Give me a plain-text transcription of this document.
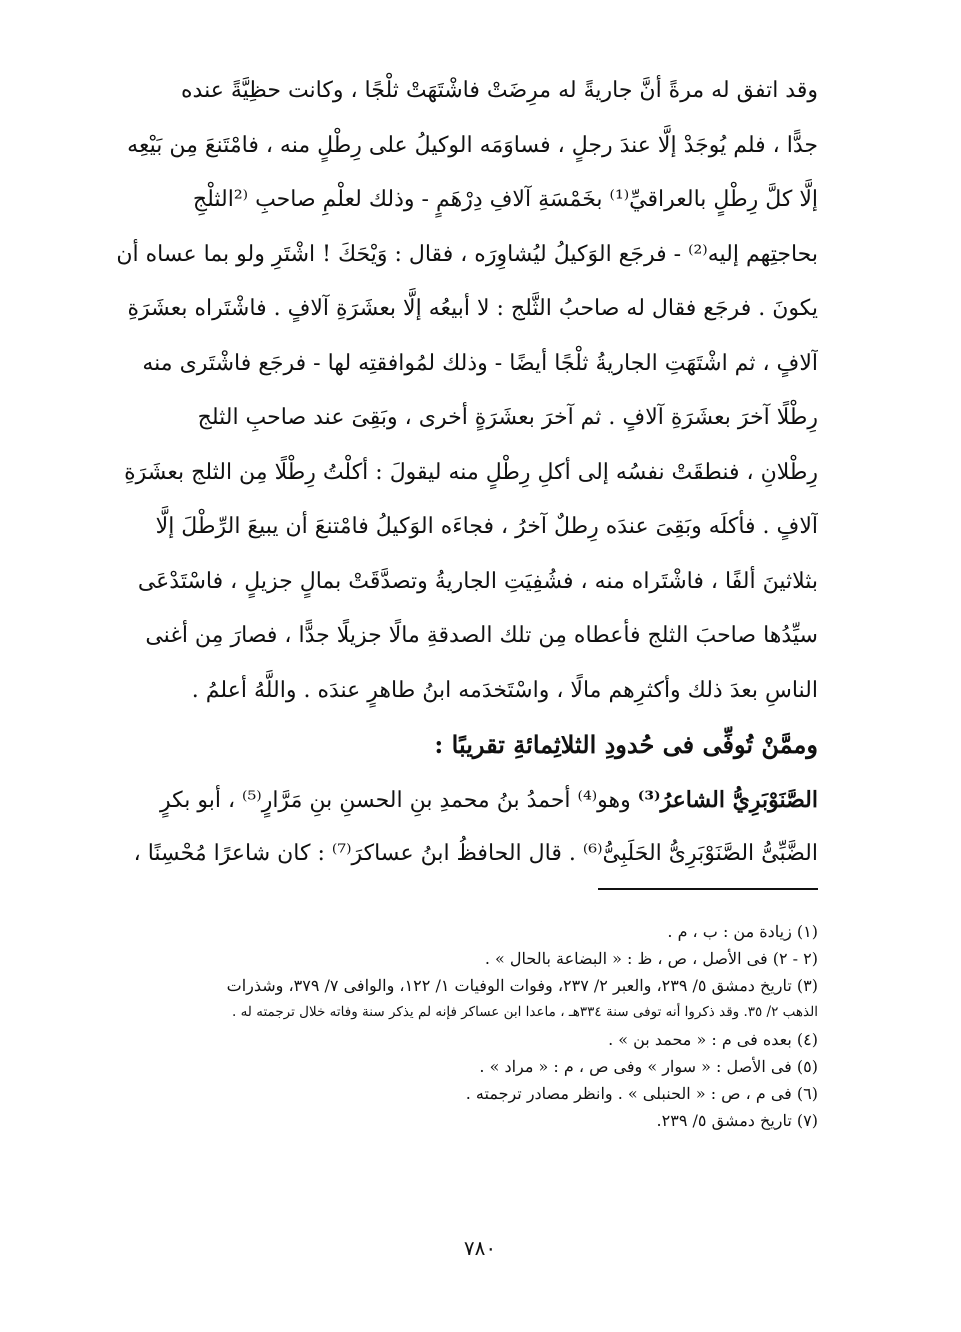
وقد اتفق له مرةً أنَّ جاريةً له مرِضَتْ فاشْتَهَتْ ثلْجًا ، وكانت حظِيَّةً عنده
جدًّا ، فلم يُوجَدْ إلَّا عندَ رجلٍ ، فساوَمَه الوكيلُ على رِطْلٍ منه ، فامْتَنعَ مِن بَيْعِه
إلَّا كلَّ رِطْلٍ بالعراقيِّ⁽¹⁾ بخَمْسَةِ آلافِ دِرْهَمٍ - وذلك لعلْمِ صاحبِ ⁽²الثلْجِ
بحاجتِهم إليه⁽²⁾ - فرجَع الوَكيلُ ليُشاوِرَه ، فقال : وَيْحَكَ ! اشْتَرِ ولو بما عساه أن
يكونَ . فرجَع فقال له صاحبُ الثَّلج : لا أبيعُه إلَّا بعشَرَةِ آلافٍ . فاشْتَراه بعشَرَةِ
آلافٍ ، ثم اشْتَهَتِ الجاريةُ ثلْجًا أيضًا - وذلك لمُوافقتِه لها - فرجَع فاشْتَرى منه
رِطْلًا آخرَ بعشَرَةِ آلافٍ . ثم آخرَ بعشَرَةٍ أخرى ، وبَقِىَ عند صاحبِ الثلج
رِطْلانِ ، فنطقَتْ نفسُه إلى أكلِ رِطْلٍ منه ليقولَ : أكلْتُ رِطْلًا مِن الثلج بعشَرَةِ
آلافٍ . فأكلَه وبَقِىَ عندَه رِطلٌ آخرُ ، فجاءَه الوَكيلُ فامْتنعَ أن يبيعَ الرِّطْلَ إلَّا
بثلاثينَ ألفًا ، فاشْتَراه منه ، فشُفِيَتِ الجاريةُ وتصدَّقَتْ بمالٍ جزيلٍ ، فاسْتَدْعَى
سيِّدُها صاحبَ الثلج فأعطاه مِن تلك الصدقةِ مالًا جزيلًا جدًّا ، فصارَ مِن أغنى
الناسِ بعدَ ذلك وأكثرِهم مالًا ، واسْتَخدَمه ابنُ طاهرٍ عندَه . واللَّهُ أعلمُ .
وممَّنْ تُوفِّى فى حُدودِ الثلاثِمائةِ تقريبًا :
الصَّنَوْبَرِيُّ الشاعرُ⁽³⁾ وهو⁽⁴⁾ أحمدُ بنُ محمدِ بنِ الحسنِ بنِ مَرَّارٍ⁽⁵⁾ ، أبو بكرٍ
الضَّبِّىُّ الصَّنَوْبَرِىُّ الحَلَبِىُّ⁽⁶⁾ . قال الحافظُ ابنُ عساكرَ⁽⁷⁾ : كان شاعرًا مُحْسِنًا ،
(١) زيادة من : ب ، م .
(٢ - ٢) فى الأصل ، ص ، ظ : « البضاعة بالحال » .
(٣) تاريخ دمشق ٥/ ٢٣٩، والعبر ٢/ ٢٣٧، وفوات الوفيات ١/ ١٢٢، والوافى ٧/ ٣٧٩، وشذرات
الذهب ٢/ ٣٥. وقد ذكروا أنه توفى سنة ٣٣٤هـ ، ماعدا ابن عساكر فإنه لم يذكر سنة وفاته خلال ترجمته له .
(٤) بعده فى م : « محمد بن » .
(٥) فى الأصل : « سوار » وفى ص ، م : « مراد » .
(٦) فى م ، ص : « الحنبلى » . وانظر مصادر ترجمته .
(٧) تاريخ دمشق ٥/ ٢٣٩.
٧٨٠
